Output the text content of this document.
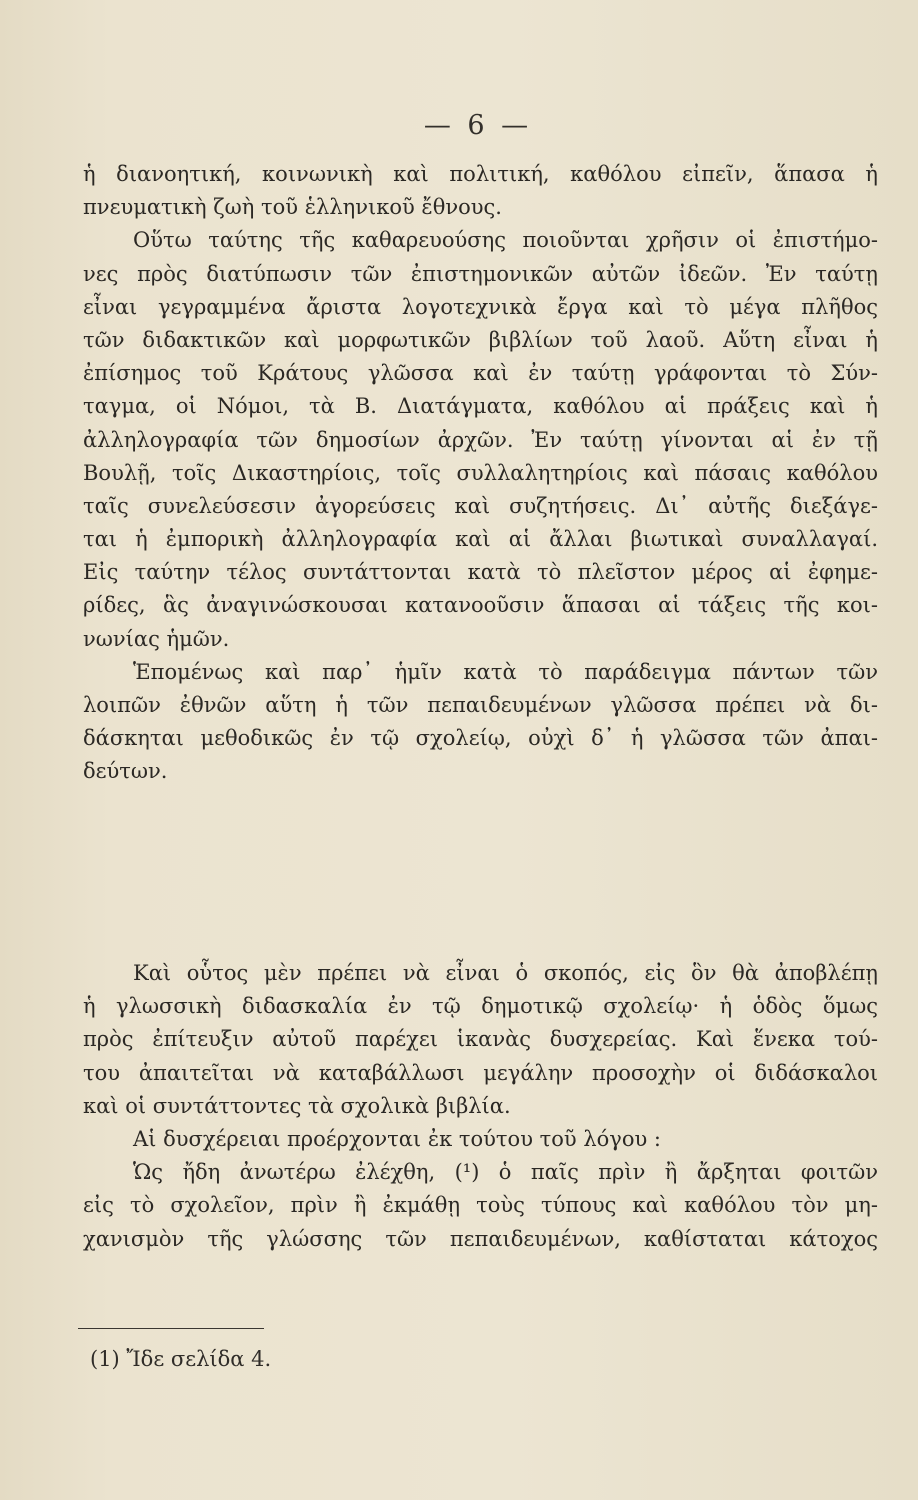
— 6 —
ἡ διανοητική, κοινωνικὴ καὶ πολιτική, καθόλου εἰπεῖν, ἅπασα ἡ
πνευματικὴ ζωὴ τοῦ ἑλληνικοῦ ἔθνους.
Οὕτω ταύτης τῆς καθαρευούσης ποιοῦνται χρῆσιν οἱ ἐπιστήμο-
νες πρὸς διατύπωσιν τῶν ἐπιστημονικῶν αὐτῶν ἰδεῶν. Ἐν ταύτῃ
εἶναι γεγραμμένα ἄριστα λογοτεχνικὰ ἔργα καὶ τὸ μέγα πλῆθος
τῶν διδακτικῶν καὶ μορφωτικῶν βιβλίων τοῦ λαοῦ. Αὕτη εἶναι ἡ
ἐπίσημος τοῦ Κράτους γλῶσσα καὶ ἐν ταύτῃ γράφονται τὸ Σύν-
ταγμα, οἱ Νόμοι, τὰ Β. Διατάγματα, καθόλου αἱ πράξεις καὶ ἡ
ἀλληλογραφία τῶν δημοσίων ἀρχῶν. Ἐν ταύτῃ γίνονται αἱ ἐν τῇ
Βουλῇ, τοῖς Δικαστηρίοις, τοῖς συλλαλητηρίοις καὶ πάσαις καθόλου
ταῖς συνελεύσεσιν ἀγορεύσεις καὶ συζητήσεις. Δι᾽ αὐτῆς διεξάγε-
ται ἡ ἐμπορικὴ ἀλληλογραφία καὶ αἱ ἄλλαι βιωτικαὶ συναλλαγαί.
Εἰς ταύτην τέλος συντάττονται κατὰ τὸ πλεῖστον μέρος αἱ ἐφημε-
ρίδες, ἃς ἀναγινώσκουσαι κατανοοῦσιν ἅπασαι αἱ τάξεις τῆς κοι-
νωνίας ἡμῶν.
Ἑπομένως καὶ παρ᾽ ἡμῖν κατὰ τὸ παράδειγμα πάντων τῶν
λοιπῶν ἐθνῶν αὕτη ἡ τῶν πεπαιδευμένων γλῶσσα πρέπει νὰ δι-
δάσκηται μεθοδικῶς ἐν τῷ σχολείῳ, οὐχὶ δ᾽ ἡ γλῶσσα τῶν ἀπαι-
δεύτων.
Καὶ οὗτος μὲν πρέπει νὰ εἶναι ὁ σκοπός, εἰς ὃν θὰ ἀποβλέπῃ
ἡ γλωσσικὴ διδασκαλία ἐν τῷ δημοτικῷ σχολείῳ· ἡ ὁδὸς ὅμως
πρὸς ἐπίτευξιν αὐτοῦ παρέχει ἱκανὰς δυσχερείας. Καὶ ἕνεκα τού-
του ἀπαιτεῖται νὰ καταβάλλωσι μεγάλην προσοχὴν οἱ διδάσκαλοι
καὶ οἱ συντάττοντες τὰ σχολικὰ βιβλία.
Αἱ δυσχέρειαι προέρχονται ἐκ τούτου τοῦ λόγου :
Ὡς ἤδη ἀνωτέρω ἐλέχθη, (¹) ὁ παῖς πρὶν ἢ ἄρξηται φοιτῶν
εἰς τὸ σχολεῖον, πρὶν ἢ ἐκμάθῃ τοὺς τύπους καὶ καθόλου τὸν μη-
χανισμὸν τῆς γλώσσης τῶν πεπαιδευμένων, καθίσταται κάτοχος
(1) Ἴδε σελίδα 4.
